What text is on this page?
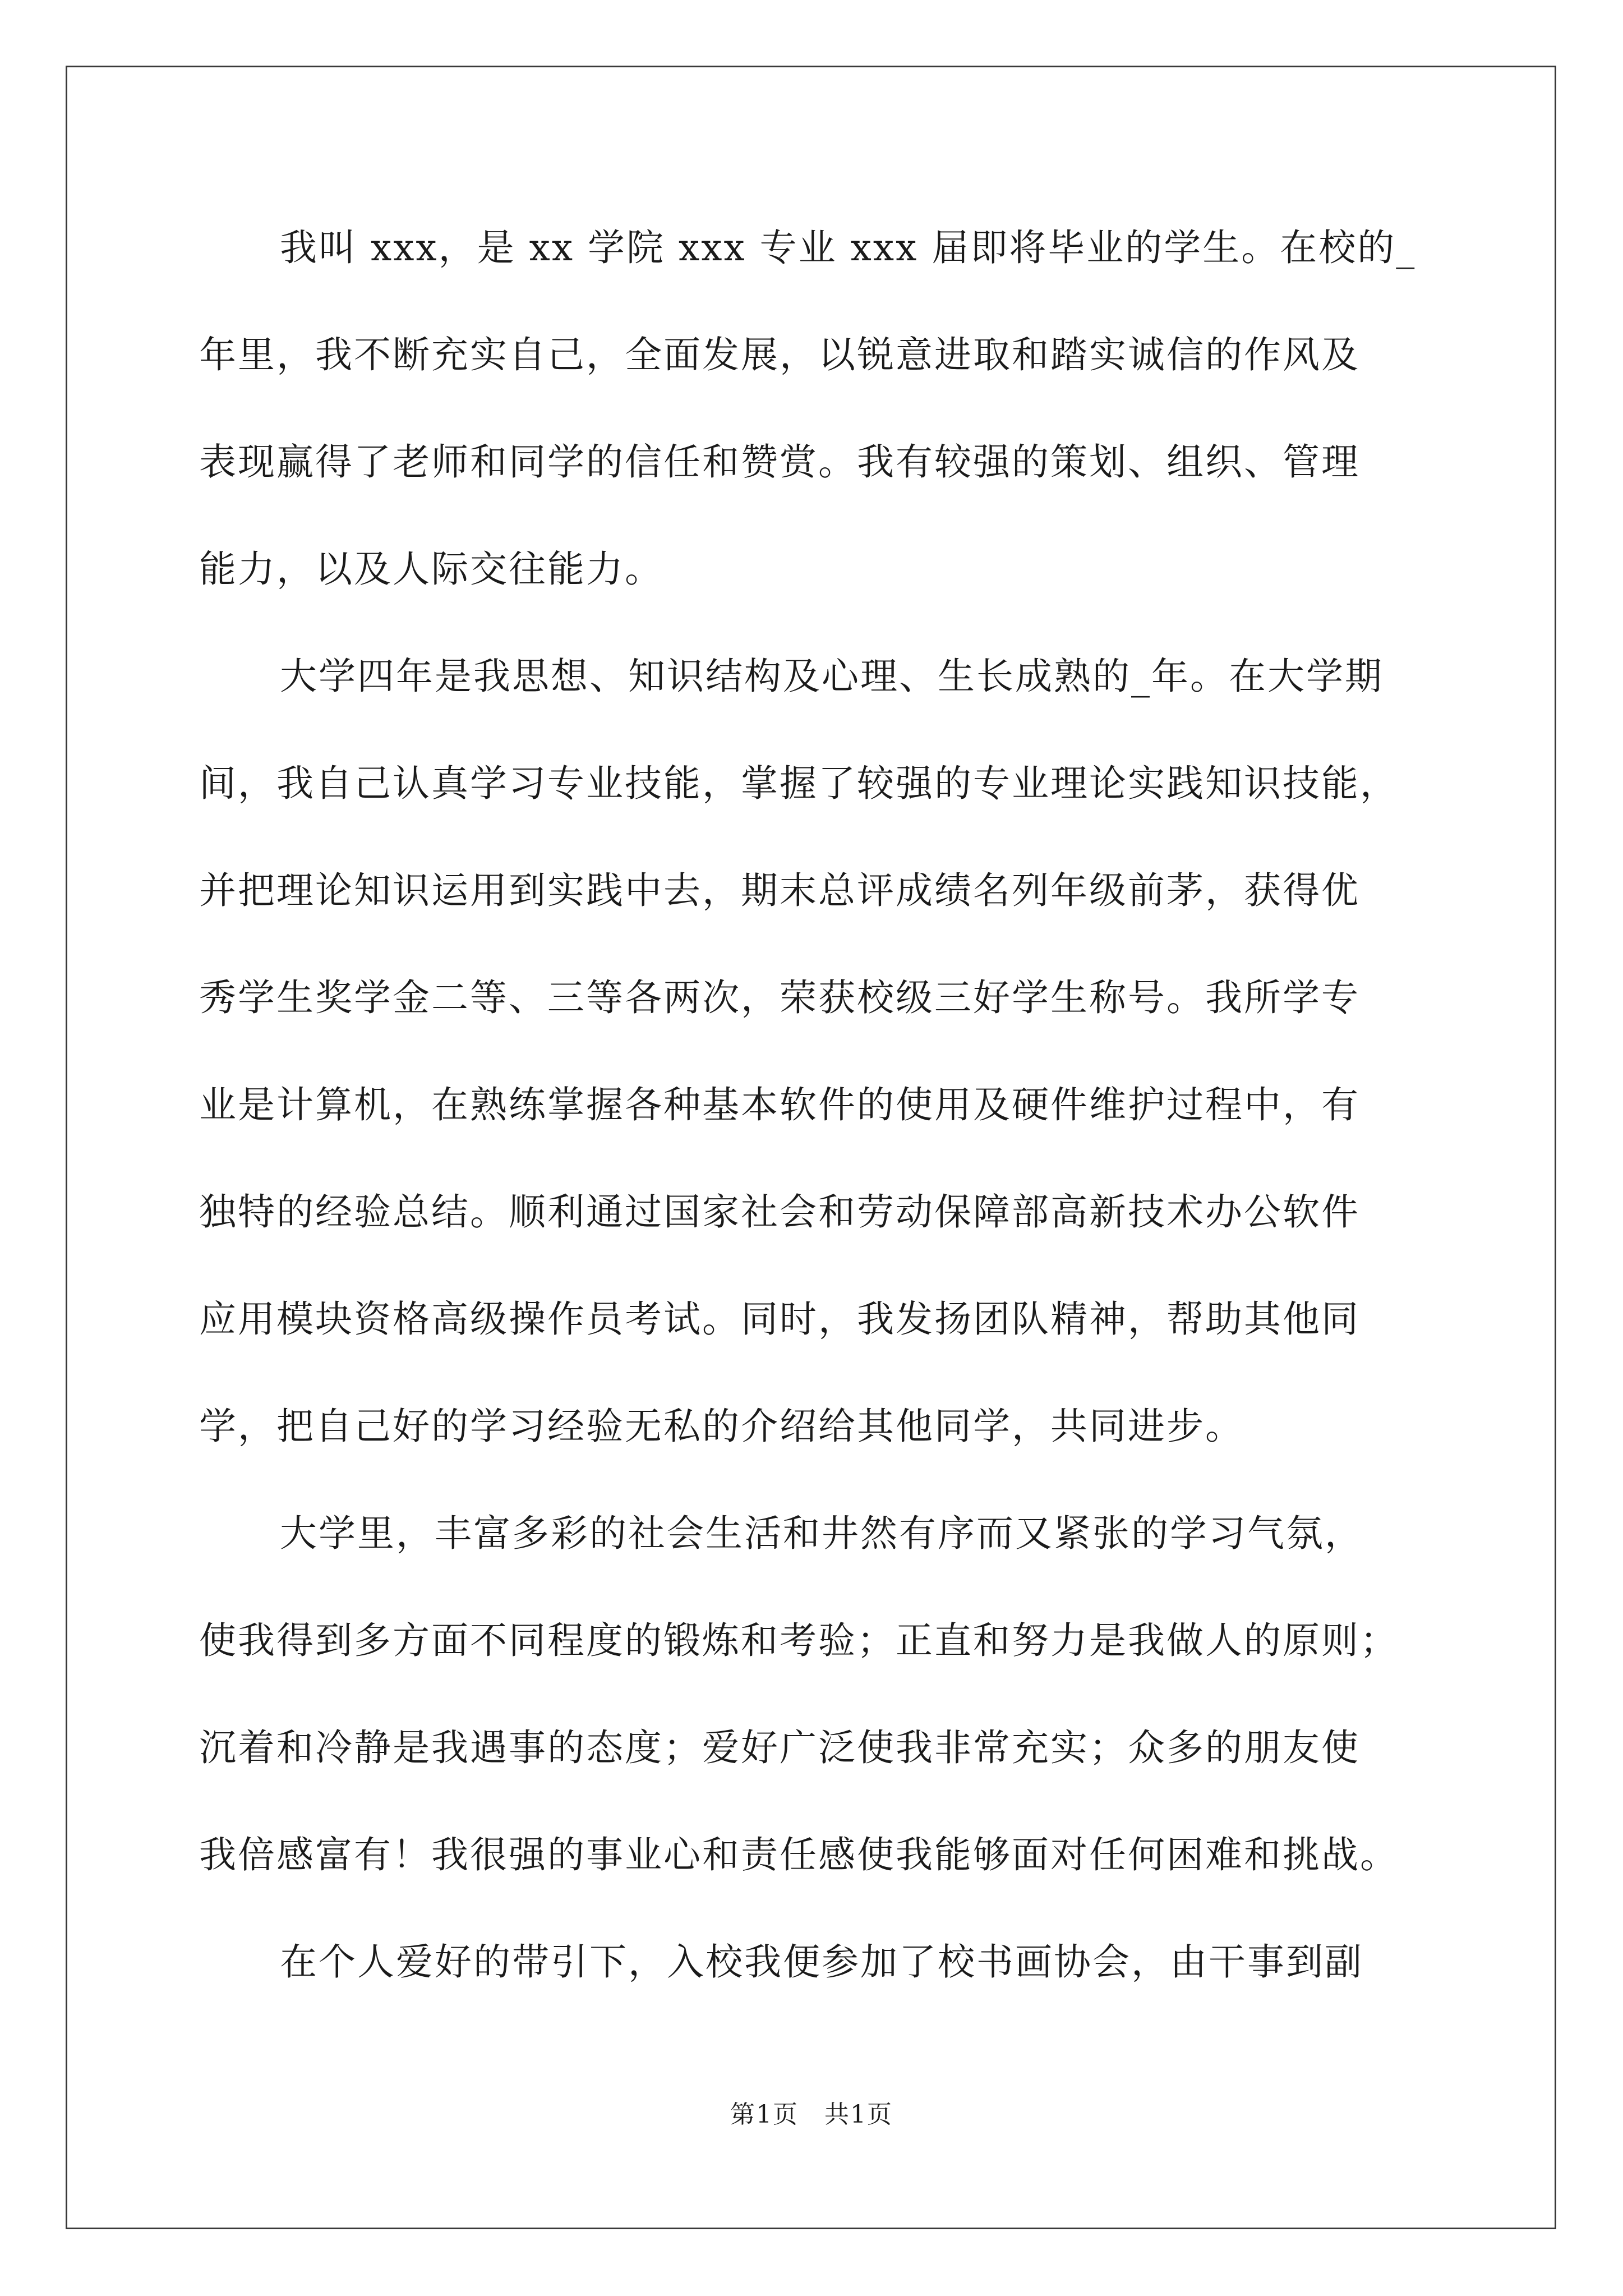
我叫 xxx，是 xx 学院 xxx 专业 xxx 届即将毕业的学生。在校的_
年里，我不断充实自己，全面发展，以锐意进取和踏实诚信的作风及
表现赢得了老师和同学的信任和赞赏。我有较强的策划、组织、管理
能力，以及人际交往能力。
大学四年是我思想、知识结构及心理、生长成熟的_年。在大学期
间，我自己认真学习专业技能，掌握了较强的专业理论实践知识技能，
并把理论知识运用到实践中去，期末总评成绩名列年级前茅，获得优
秀学生奖学金二等、三等各两次，荣获校级三好学生称号。我所学专
业是计算机，在熟练掌握各种基本软件的使用及硬件维护过程中，有
独特的经验总结。顺利通过国家社会和劳动保障部高新技术办公软件
应用模块资格高级操作员考试。同时，我发扬团队精神，帮助其他同
学，把自己好的学习经验无私的介绍给其他同学，共同进步。
大学里，丰富多彩的社会生活和井然有序而又紧张的学习气氛，
使我得到多方面不同程度的锻炼和考验；正直和努力是我做人的原则；
沉着和冷静是我遇事的态度；爱好广泛使我非常充实；众多的朋友使
我倍感富有！我很强的事业心和责任感使我能够面对任何困难和挑战。
在个人爱好的带引下，入校我便参加了校书画协会，由干事到副
第1页　共1页
